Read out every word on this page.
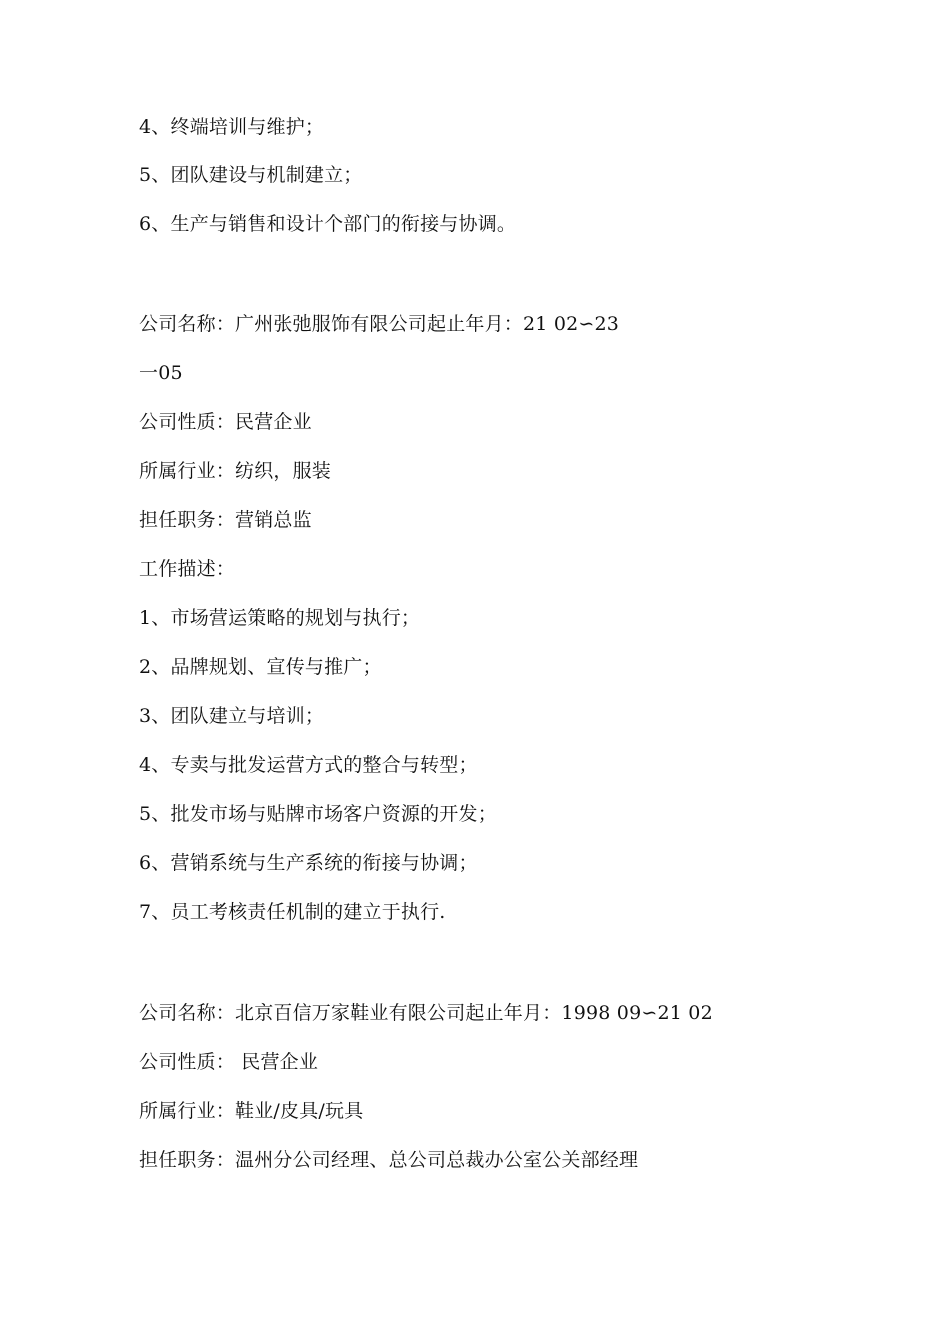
4、终端培训与维护；
5、团队建设与机制建立；
6、生产与销售和设计个部门的衔接与协调。
公司名称：广州张弛服饰有限公司起止年月：21 02∽23
一05
公司性质：民营企业
所属行业：纺织，服装
担任职务：营销总监
工作描述：
1、市场营运策略的规划与执行；
2、品牌规划、宣传与推广；
3、团队建立与培训；
4、专卖与批发运营方式的整合与转型；
5、批发市场与贴牌市场客户资源的开发；
6、营销系统与生产系统的衔接与协调；
7、员工考核责任机制的建立于执行.
公司名称：北京百信万家鞋业有限公司起止年月：1998 09∽21 02
公司性质： 民营企业
所属行业：鞋业/皮具/玩具
担任职务：温州分公司经理、总公司总裁办公室公关部经理
